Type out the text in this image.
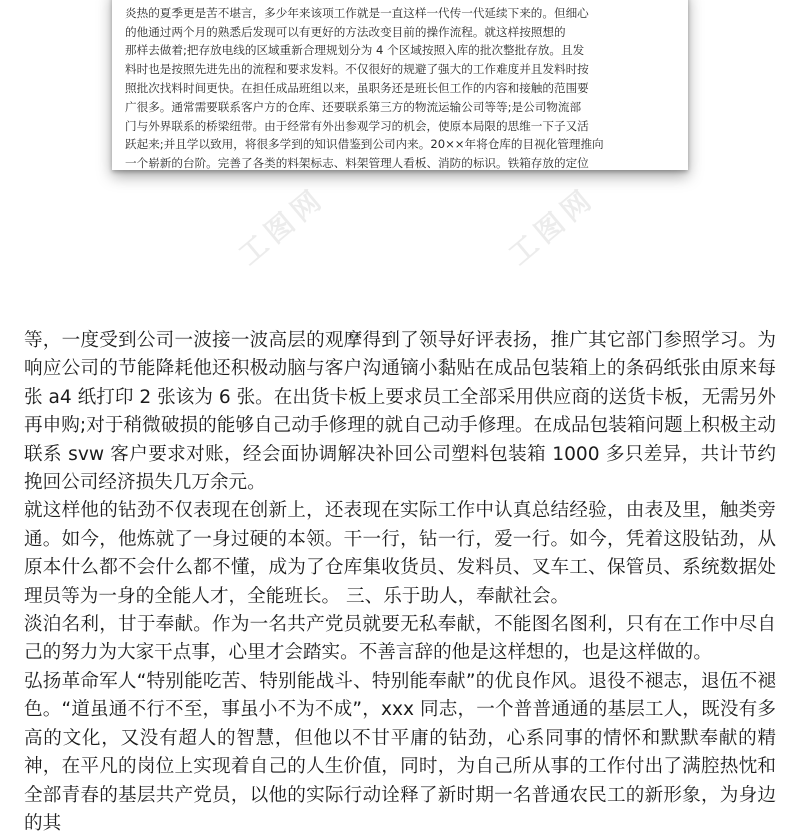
炎热的夏季更是苦不堪言，多少年来该项工作就是一直这样一代传一代延续下来的。但细心

的他通过两个月的熟悉后发现可以有更好的方法改变目前的操作流程。就这样按照想的

那样去做着;把存放电线的区域重新合理规划分为 4 个区域按照入库的批次整批存放。且发

料时也是按照先进先出的流程和要求发料。不仅很好的规避了强大的工作难度并且发料时按

照批次找料时间更快。在担任成品班组以来，虽职务还是班长但工作的内容和接触的范围要

广很多。通常需要联系客户方的仓库、还要联系第三方的物流运输公司等等;是公司物流部

门与外界联系的桥梁纽带。由于经常有外出参观学习的机会，使原本局限的思维一下子又活

跃起来;并且学以致用，将很多学到的知识借鉴到公司内来。20××年将仓库的目视化管理推向

一个崭新的台阶。完善了各类的料架标志、料架管理人看板、消防的标识。铁箱存放的定位

工图网	工图网

等，一度受到公司一波接一波高层的观摩得到了领导好评表扬，推广其它部门参照学习。为响应公司的节能降耗他还积极动脑与客户沟通镝小黏贴在成品包装箱上的条码纸张由原来每张 a4 纸打印 2 张该为 6 张。在出货卡板上要求员工全部采用供应商的送货卡板，无需另外再申购;对于稍微破损的能够自己动手修理的就自己动手修理。在成品包装箱问题上积极主动联系 svw 客户要求对账，经会面协调解决补回公司塑料包装箱 1000 多只差异，共计节约挽回公司经济损失几万余元。

就这样他的钻劲不仅表现在创新上，还表现在实际工作中认真总结经验，由表及里，触类旁通。如今，他炼就了一身过硬的本领。干一行，钻一行，爱一行。如今，凭着这股钻劲，从原本什么都不会什么都不懂，成为了仓库集收货员、发料员、叉车工、保管员、系统数据处理员等为一身的全能人才，全能班长。 三、乐于助人，奉献社会。

淡泊名利，甘于奉献。作为一名共产党员就要无私奉献，不能图名图利，只有在工作中尽自己的努力为大家干点事，心里才会踏实。不善言辞的他是这样想的，也是这样做的。

弘扬革命军人“特别能吃苦、特别能战斗、特别能奉献”的优良作风。退役不褪志，退伍不褪色。“道虽通不行不至，事虽小不为不成”，xxx 同志，一个普普通通的基层工人，既没有多高的文化，又没有超人的智慧，但他以不甘平庸的钻劲，心系同事的情怀和默默奉献的精神，在平凡的岗位上实现着自己的人生价值，同时，为自己所从事的工作付出了满腔热忱和全部青春的基层共产党员，以他的实际行动诠释了新时期一名普通农民工的新形象，为身边的其
